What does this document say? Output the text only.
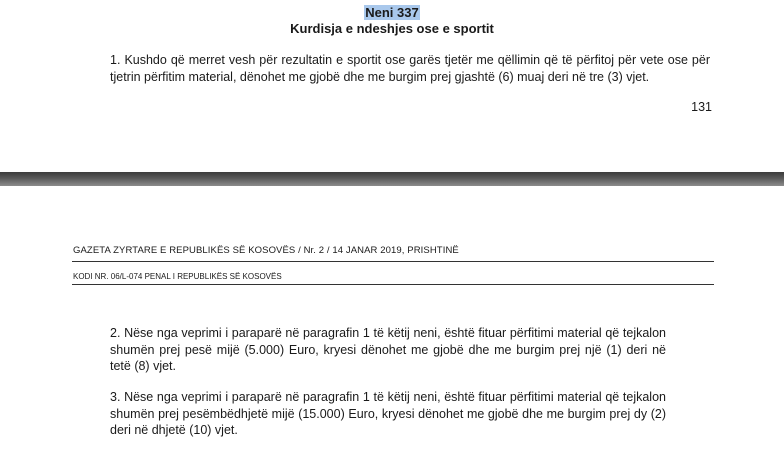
Neni 337
Kurdisja e ndeshjes ose e sportit
1. Kushdo që merret vesh për rezultatin e sportit ose garës tjetër me qëllimin që të përfitoj për vete ose për tjetrin përfitim material, dënohet me gjobë dhe me burgim prej gjashtë (6) muaj deri në tre (3) vjet.
131
GAZETA ZYRTARE E REPUBLIKËS SË KOSOVËS / Nr. 2 / 14 JANAR 2019, PRISHTINË
KODI NR. 06/L-074 PENAL I REPUBLIKËS SË KOSOVËS
2. Nëse nga veprimi i paraparë në paragrafin 1 të këtij neni, është fituar përfitimi material që tejkalon shumën prej pesë mijë (5.000) Euro, kryesi dënohet me gjobë dhe me burgim prej një (1) deri në tetë (8) vjet.
3. Nëse nga veprimi i paraparë në paragrafin 1 të këtij neni, është fituar përfitimi material që tejkalon shumën prej pesëmbëdhjetë mijë (15.000) Euro, kryesi dënohet me gjobë dhe me burgim prej dy (2) deri në dhjetë (10) vjet.
